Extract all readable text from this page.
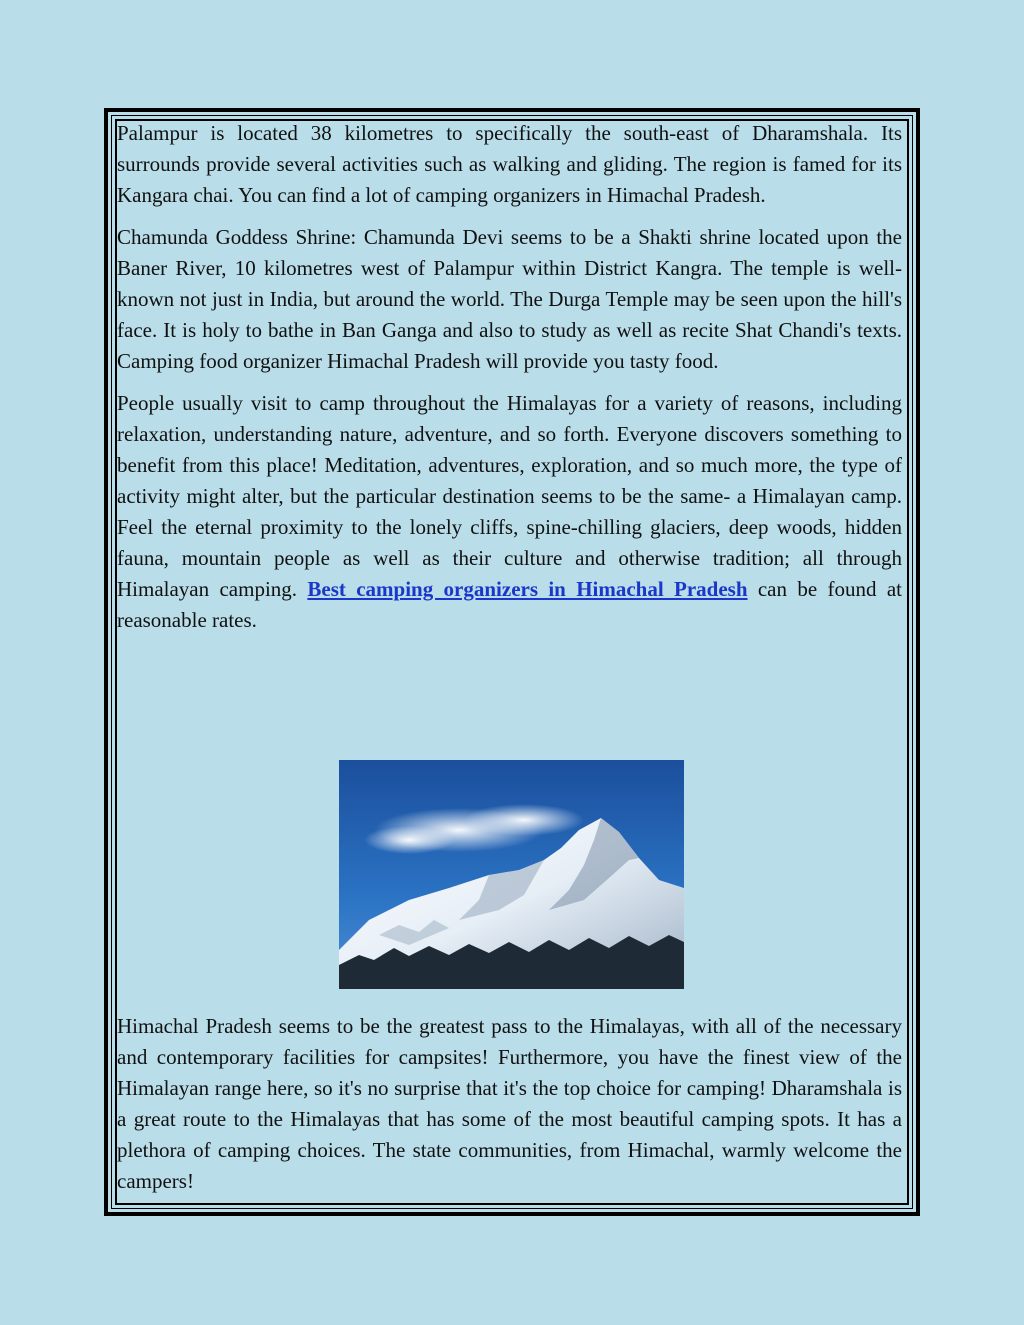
Palampur is located 38 kilometres to specifically the south-east of Dharamshala. Its surrounds provide several activities such as walking and gliding. The region is famed for its Kangara chai. You can find a lot of camping organizers in Himachal Pradesh.

Chamunda Goddess Shrine: Chamunda Devi seems to be a Shakti shrine located upon the Baner River, 10 kilometres west of Palampur within District Kangra. The temple is well-known not just in India, but around the world. The Durga Temple may be seen upon the hill's face. It is holy to bathe in Ban Ganga and also to study as well as recite Shat Chandi's texts. Camping food organizer Himachal Pradesh will provide you tasty food.

People usually visit to camp throughout the Himalayas for a variety of reasons, including relaxation, understanding nature, adventure, and so forth. Everyone discovers something to benefit from this place! Meditation, adventures, exploration, and so much more, the type of activity might alter, but the particular destination seems to be the same- a Himalayan camp. Feel the eternal proximity to the lonely cliffs, spine-chilling glaciers, deep woods, hidden fauna, mountain people as well as their culture and otherwise tradition; all through Himalayan camping. Best camping organizers in Himachal Pradesh can be found at reasonable rates.

Himachal Pradesh seems to be the greatest pass to the Himalayas, with all of the necessary and contemporary facilities for campsites! Furthermore, you have the finest view of the Himalayan range here, so it's no surprise that it's the top choice for camping! Dharamshala is a great route to the Himalayas that has some of the most beautiful camping spots. It has a plethora of camping choices. The state communities, from Himachal, warmly welcome the campers!
